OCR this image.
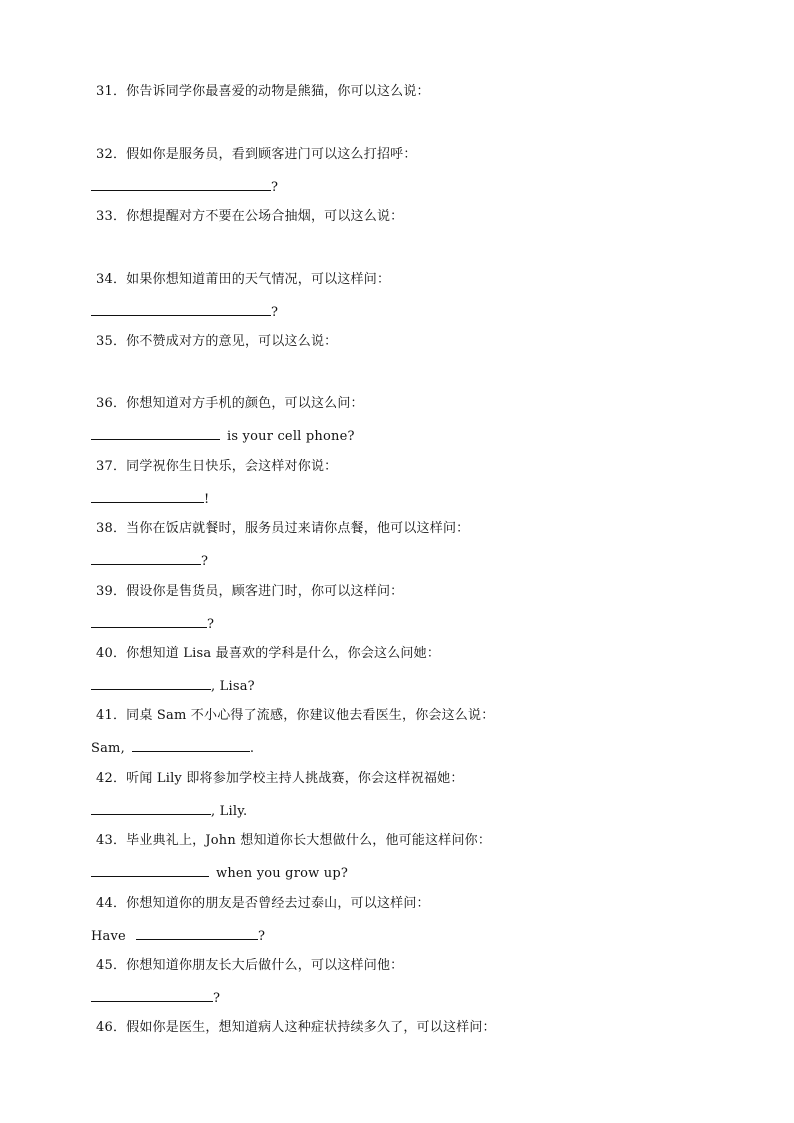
31．你告诉同学你最喜爱的动物是熊猫，你可以这么说：
32．假如你是服务员，看到顾客进门可以这么打招呼：
?
33．你想提醒对方不要在公场合抽烟，可以这么说：
34．如果你想知道莆田的天气情况，可以这样问：
?
35．你不赞成对方的意见，可以这么说：
36．你想知道对方手机的颜色，可以这么问：
is your cell phone?
37．同学祝你生日快乐，会这样对你说：
!
38．当你在饭店就餐时，服务员过来请你点餐，他可以这样问：
?
39．假设你是售货员，顾客进门时，你可以这样问：
?
40．你想知道 Lisa 最喜欢的学科是什么，你会这么问她：
, Lisa?
41．同桌 Sam 不小心得了流感，你建议他去看医生，你会这么说：
Sam,	.
42．听闻 Lily 即将参加学校主持人挑战赛，你会这样祝福她：
, Lily.
43．毕业典礼上，John 想知道你长大想做什么，他可能这样问你：
when you grow up?
44．你想知道你的朋友是否曾经去过泰山，可以这样问：
Have	?
45．你想知道你朋友长大后做什么，可以这样问他：
?
46．假如你是医生，想知道病人这种症状持续多久了，可以这样问：
